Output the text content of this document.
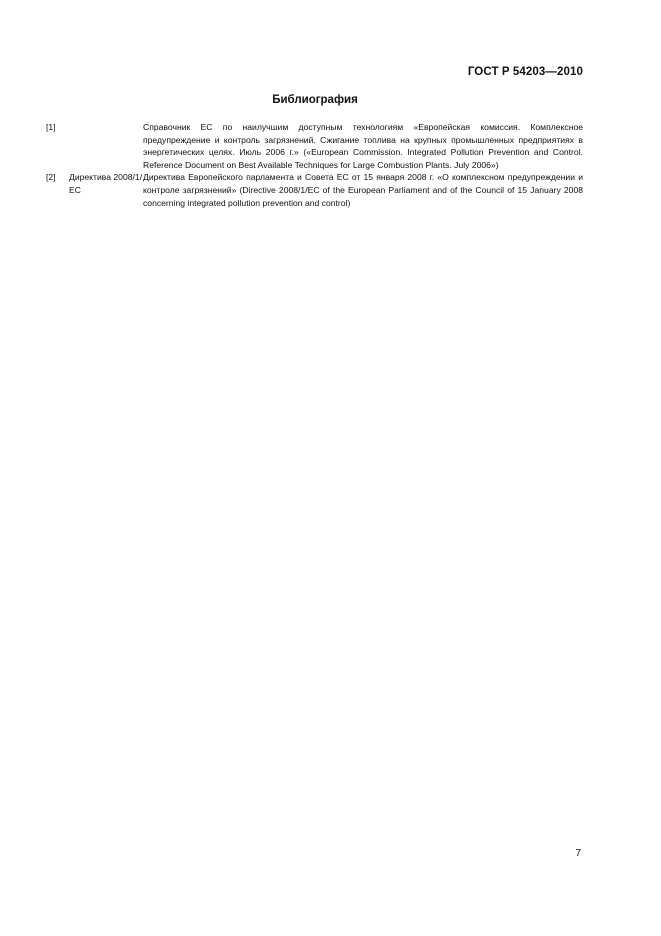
ГОСТ Р 54203—2010
Библиография
[1]	Справочник ЕС по наилучшим доступным технологиям «Европейская комиссия. Комплексное предупреждение и контроль загрязнений. Сжигание топлива на крупных промышленных предприятиях в энергетических целях. Июль 2006 г.» («European Commission. Integrated Pollution Prevention and Control. Reference Document on Best Available Techniques for Large Combustion Plants. July 2006»)
[2]	Директива 2008/1/ЕС
Директива Европейского парламента и Совета ЕС от 15 января 2008 г. «О комплексном предупреждении и контроле загрязнений» (Directive 2008/1/EC of the European Parliament and of the Council of 15 January 2008 concerning integrated pollution prevention and control)
7
